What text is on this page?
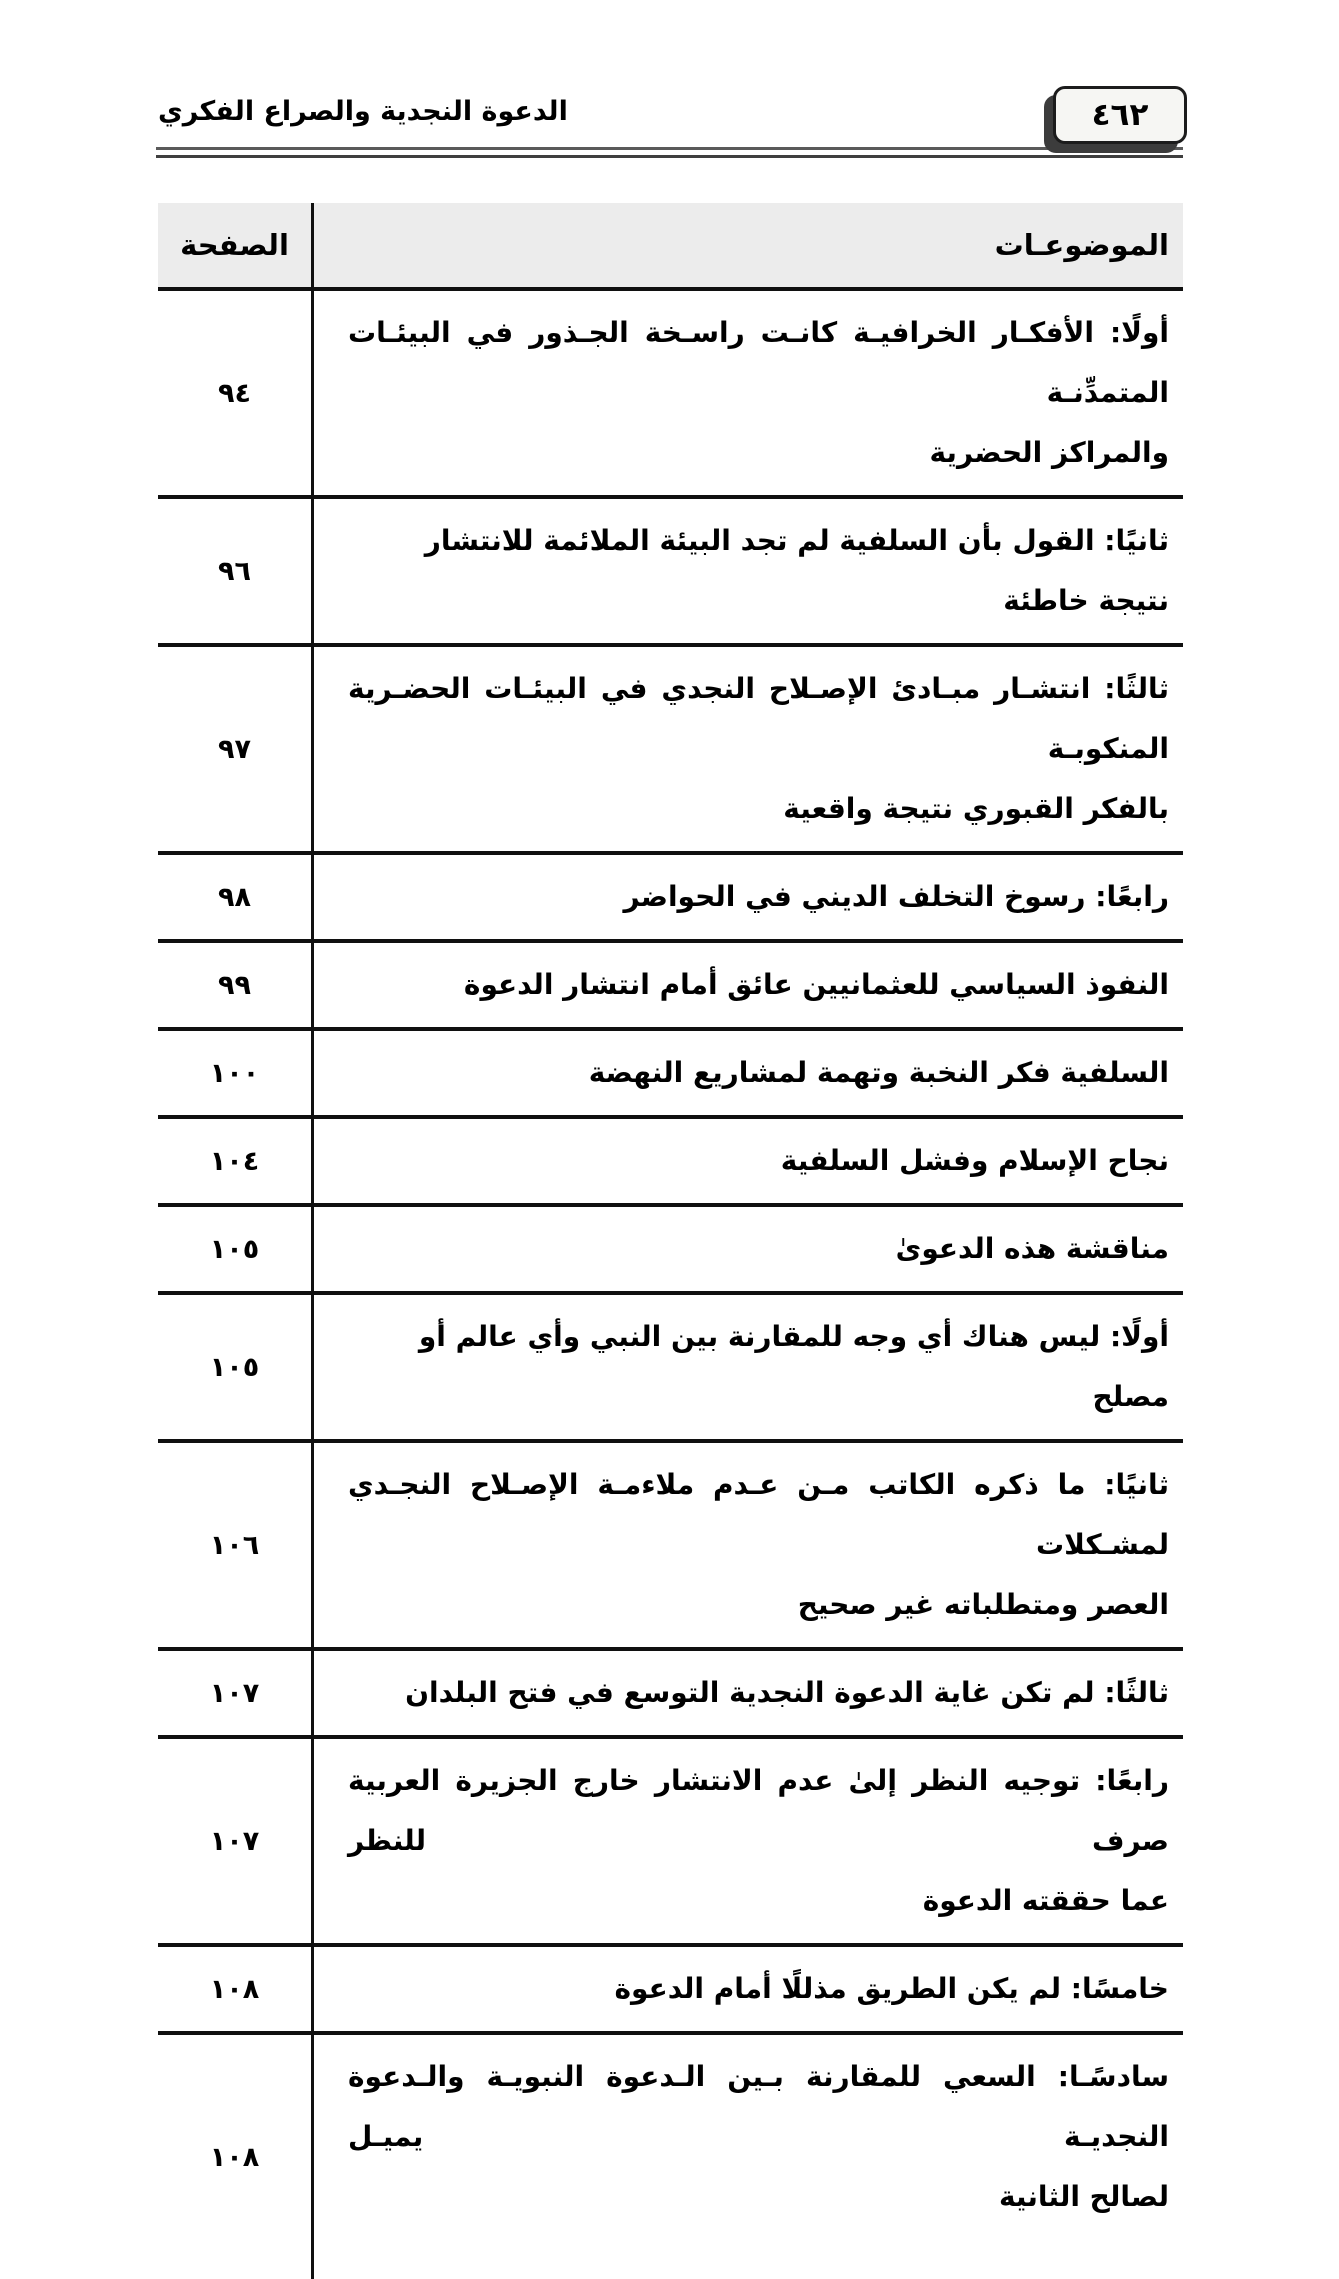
الدعوة النجدية والصراع الفكري	٤٦٢
الموضوعـات
الصفحة
أولًا: الأفكـار الخرافيـة كانـت راسـخة الجـذور في البيئـات المتمدِّنـة
والمراكز الحضرية
٩٤
ثانيًا: القول بأن السلفية لم تجد البيئة الملائمة للانتشار نتيجة خاطئة
٩٦
ثالثًا: انتشـار مبـادئ الإصـلاح النجدي في البيئـات الحضـرية المنكوبـة
بالفكر القبوري نتيجة واقعية
٩٧
رابعًا: رسوخ التخلف الديني في الحواضر
٩٨
النفوذ السياسي للعثمانيين عائق أمام انتشار الدعوة
٩٩
السلفية فكر النخبة وتهمة لمشاريع النهضة
١٠٠
نجاح الإسلام وفشل السلفية
١٠٤
مناقشة هذه الدعوىٰ
١٠٥
أولًا: ليس هناك أي وجه للمقارنة بين النبي وأي عالم أو مصلح
١٠٥
ثانيًا: ما ذكره الكاتب مـن عـدم ملاءمـة الإصـلاح النجـدي لمشـكلات
العصر ومتطلباته غير صحيح
١٠٦
ثالثًا: لم تكن غاية الدعوة النجدية التوسع في فتح البلدان
١٠٧
رابعًا: توجيه النظر إلىٰ عدم الانتشار خارج الجزيرة العربية صرف للنظر
عما حققته الدعوة
١٠٧
خامسًا: لم يكن الطريق مذللًا أمام الدعوة
١٠٨
سادسًـا: السعي للمقارنة بـين الـدعوة النبويـة والـدعوة النجديـة يميـل
لصالح الثانية
١٠٨
